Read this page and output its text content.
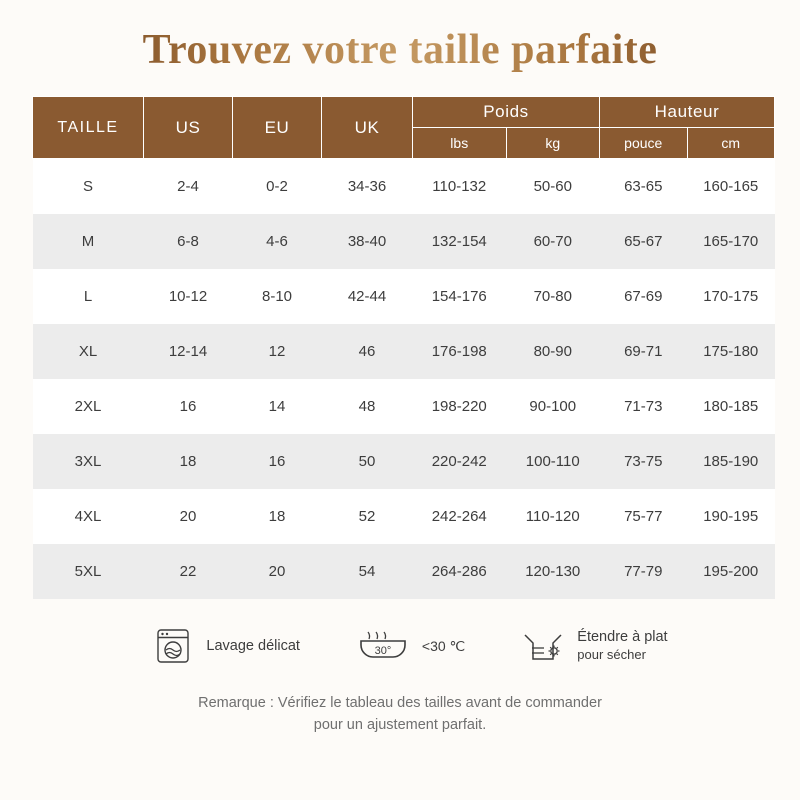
Trouvez votre taille parfaite
TAILLE	US	EU	UK	Poids		Hauteur	
				lbs	kg	pouce	cm
S	2-4	0-2	34-36	110-132	50-60	63-65	160-165
M	6-8	4-6	38-40	132-154	60-70	65-67	165-170
L	10-12	8-10	42-44	154-176	70-80	67-69	170-175
XL	12-14	12	46	176-198	80-90	69-71	175-180
2XL	16	14	48	198-220	90-100	71-73	180-185
3XL	18	16	50	220-242	100-110	73-75	185-190
4XL	20	18	52	242-264	110-120	75-77	190-195
5XL	22	20	54	264-286	120-130	77-79	195-200
Lavage délicat	30° <30 ℃
Étendre à plat
pour sécher
Remarque : Vérifiez le tableau des tailles avant de commander
pour un ajustement parfait.
